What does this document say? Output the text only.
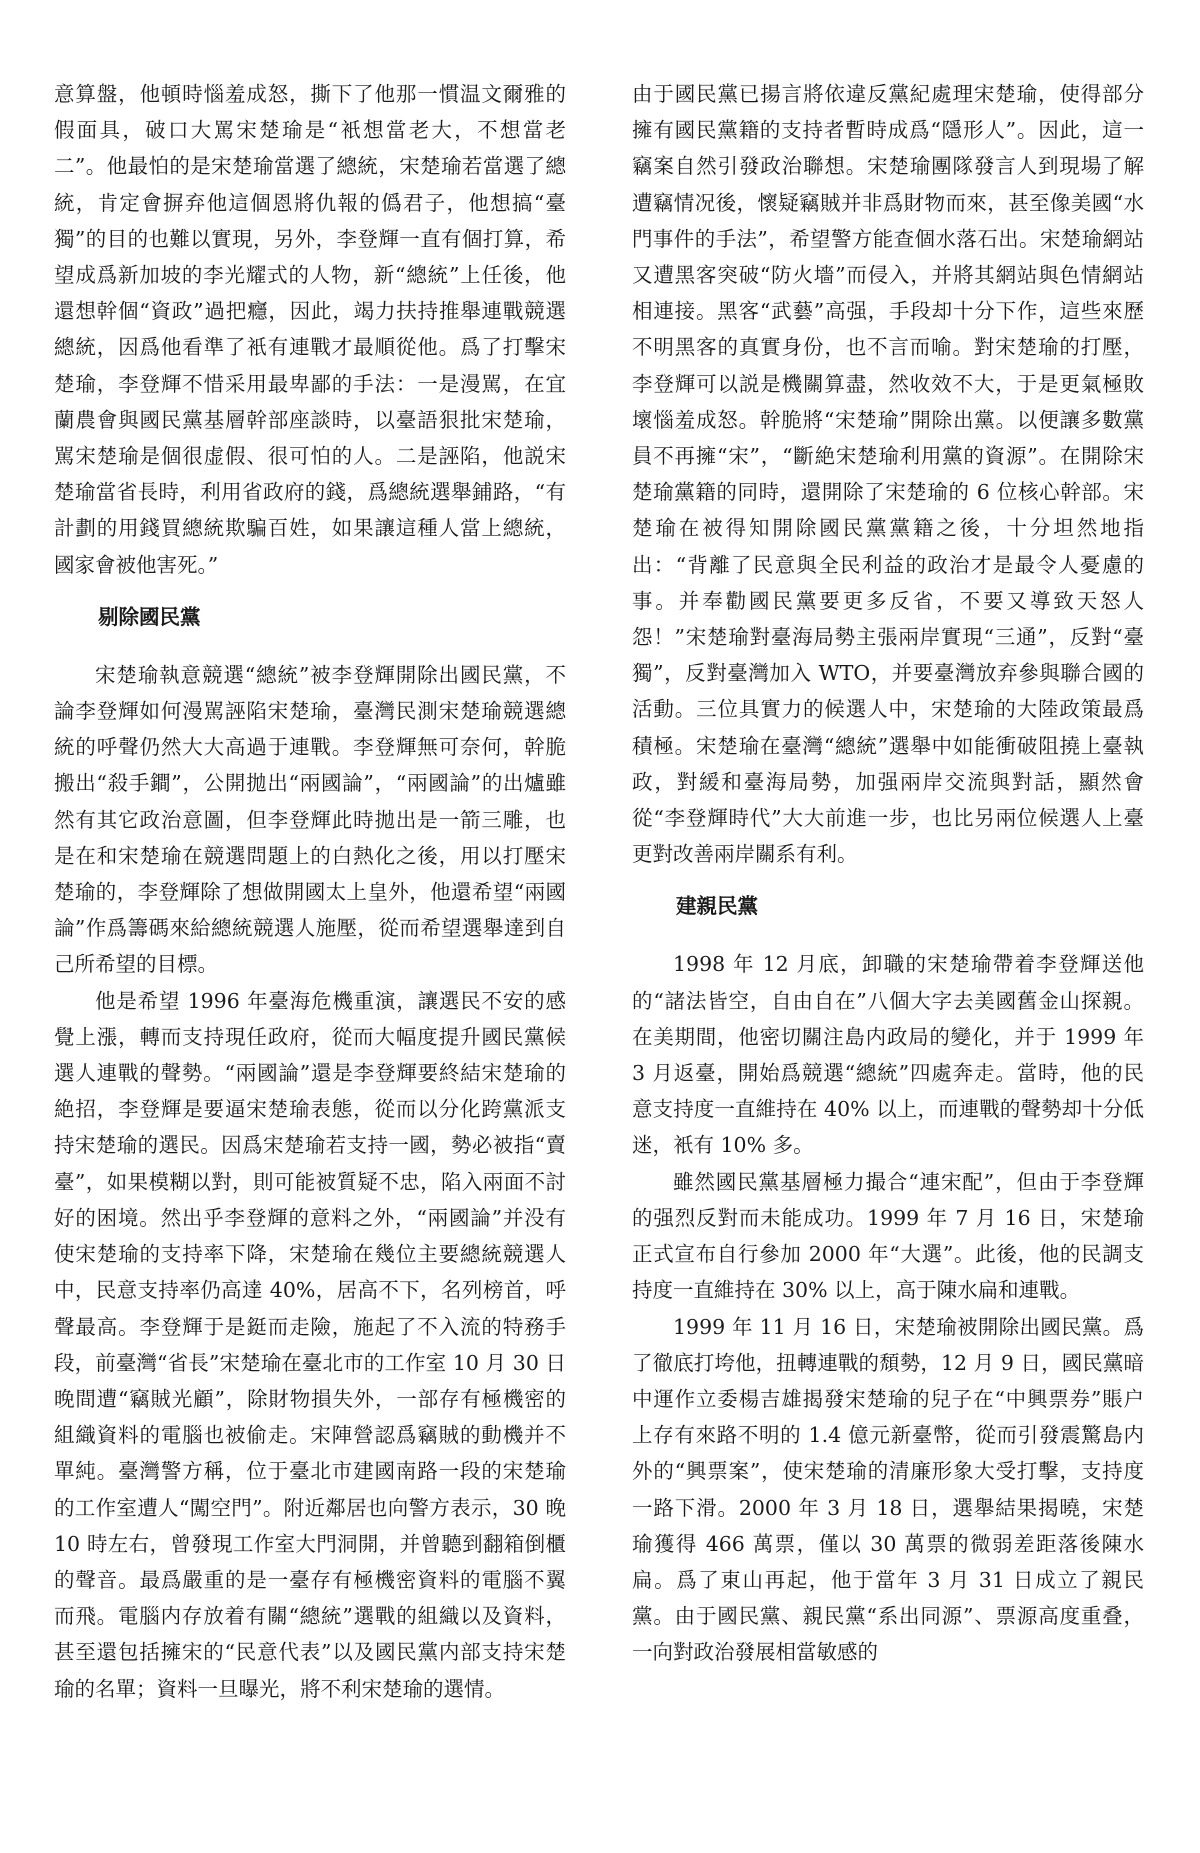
意算盤，他頓時惱羞成怒，撕下了他那一慣温文爾雅的假面具，破口大罵宋楚瑜是“衹想當老大，不想當老二”。他最怕的是宋楚瑜當選了總統，宋楚瑜若當選了總統，肯定會摒弃他這個恩將仇報的僞君子，他想搞“臺獨”的目的也難以實現，另外，李登輝一直有個打算，希望成爲新加坡的李光耀式的人物，新“總統”上任後，他還想幹個“資政”過把癮，因此，竭力扶持推舉連戰競選總統，因爲他看準了衹有連戰才最順從他。爲了打擊宋楚瑜，李登輝不惜采用最卑鄙的手法：一是漫駡，在宜蘭農會與國民黨基層幹部座談時，以臺語狠批宋楚瑜，駡宋楚瑜是個很虚假、很可怕的人。二是誣陷，他説宋楚瑜當省長時，利用省政府的錢，爲總統選舉鋪路，“有計劃的用錢買總統欺騙百姓，如果讓這種人當上總統，國家會被他害死。”

剔除國民黨

宋楚瑜執意競選“總統”被李登輝開除出國民黨，不論李登輝如何漫駡誣陷宋楚瑜，臺灣民測宋楚瑜競選總統的呼聲仍然大大高過于連戰。李登輝無可奈何，幹脆搬出“殺手鐧”，公開拋出“兩國論”，“兩國論”的出爐雖然有其它政治意圖，但李登輝此時拋出是一箭三雕，也是在和宋楚瑜在競選問題上的白熱化之後，用以打壓宋楚瑜的，李登輝除了想做開國太上皇外，他還希望“兩國論”作爲籌碼來給總統競選人施壓，從而希望選舉達到自己所希望的目標。

他是希望 1996 年臺海危機重演，讓選民不安的感覺上漲，轉而支持現任政府，從而大幅度提升國民黨候選人連戰的聲勢。“兩國論”還是李登輝要終結宋楚瑜的絶招，李登輝是要逼宋楚瑜表態，從而以分化跨黨派支持宋楚瑜的選民。因爲宋楚瑜若支持一國，勢必被指“賣臺”，如果模糊以對，則可能被質疑不忠，陷入兩面不討好的困境。然出乎李登輝的意料之外，“兩國論”并没有使宋楚瑜的支持率下降，宋楚瑜在幾位主要總統競選人中，民意支持率仍高達 40%，居高不下，名列榜首，呼聲最高。李登輝于是鋌而走險，施起了不入流的特務手段，前臺灣“省長”宋楚瑜在臺北市的工作室 10 月 30 日晚間遭“竊賊光顧”，除財物損失外，一部存有極機密的組織資料的電腦也被偷走。宋陣營認爲竊賊的動機并不單純。臺灣警方稱，位于臺北市建國南路一段的宋楚瑜的工作室遭人“闖空門”。附近鄰居也向警方表示，30 晚 10 時左右，曾發現工作室大門洞開，并曾聽到翻箱倒櫃的聲音。最爲嚴重的是一臺存有極機密資料的電腦不翼而飛。電腦内存放着有關“總統”選戰的組織以及資料，甚至還包括擁宋的“民意代表”以及國民黨内部支持宋楚瑜的名單；資料一旦曝光，將不利宋楚瑜的選情。

由于國民黨已揚言將依違反黨紀處理宋楚瑜，使得部分擁有國民黨籍的支持者暫時成爲“隱形人”。因此，這一竊案自然引發政治聯想。宋楚瑜團隊發言人到現場了解遭竊情况後，懷疑竊賊并非爲財物而來，甚至像美國“水門事件的手法”，希望警方能查個水落石出。宋楚瑜網站又遭黑客突破“防火墻”而侵入，并將其網站與色情網站相連接。黑客“武藝”高强，手段却十分下作，這些來歷不明黑客的真實身份，也不言而喻。對宋楚瑜的打壓，李登輝可以説是機關算盡，然收效不大，于是更氣極敗壞惱羞成怒。幹脆將“宋楚瑜”開除出黨。以便讓多數黨員不再擁“宋”，“斷絶宋楚瑜利用黨的資源”。在開除宋楚瑜黨籍的同時，還開除了宋楚瑜的 6 位核心幹部。宋楚瑜在被得知開除國民黨黨籍之後，十分坦然地指出：“背離了民意與全民利益的政治才是最令人憂慮的事。并奉勸國民黨要更多反省，不要又導致天怒人怨！”宋楚瑜對臺海局勢主張兩岸實現“三通”，反對“臺獨”，反對臺灣加入 WTO，并要臺灣放弃參與聯合國的活動。三位具實力的候選人中，宋楚瑜的大陸政策最爲積極。宋楚瑜在臺灣“總統”選舉中如能衝破阻撓上臺執政，對緩和臺海局勢，加强兩岸交流與對話，顯然會從“李登輝時代”大大前進一步，也比另兩位候選人上臺更對改善兩岸關系有利。

建親民黨

1998 年 12 月底，卸職的宋楚瑜帶着李登輝送他的“諸法皆空，自由自在”八個大字去美國舊金山探親。在美期間，他密切關注島内政局的變化，并于 1999 年 3 月返臺，開始爲競選“總統”四處奔走。當時，他的民意支持度一直維持在 40% 以上，而連戰的聲勢却十分低迷，衹有 10% 多。

雖然國民黨基層極力撮合“連宋配”，但由于李登輝的强烈反對而未能成功。1999 年 7 月 16 日，宋楚瑜正式宣布自行參加 2000 年“大選”。此後，他的民調支持度一直維持在 30% 以上，高于陳水扁和連戰。

1999 年 11 月 16 日，宋楚瑜被開除出國民黨。爲了徹底打垮他，扭轉連戰的頹勢，12 月 9 日，國民黨暗中運作立委楊吉雄揭發宋楚瑜的兒子在“中興票券”賬户上存有來路不明的 1.4 億元新臺幣，從而引發震驚島内外的“興票案”，使宋楚瑜的清廉形象大受打擊，支持度一路下滑。2000 年 3 月 18 日，選舉結果揭曉，宋楚瑜獲得 466 萬票，僅以 30 萬票的微弱差距落後陳水扁。爲了東山再起，他于當年 3 月 31 日成立了親民黨。由于國民黨、親民黨“系出同源”、票源高度重叠，一向對政治發展相當敏感的
